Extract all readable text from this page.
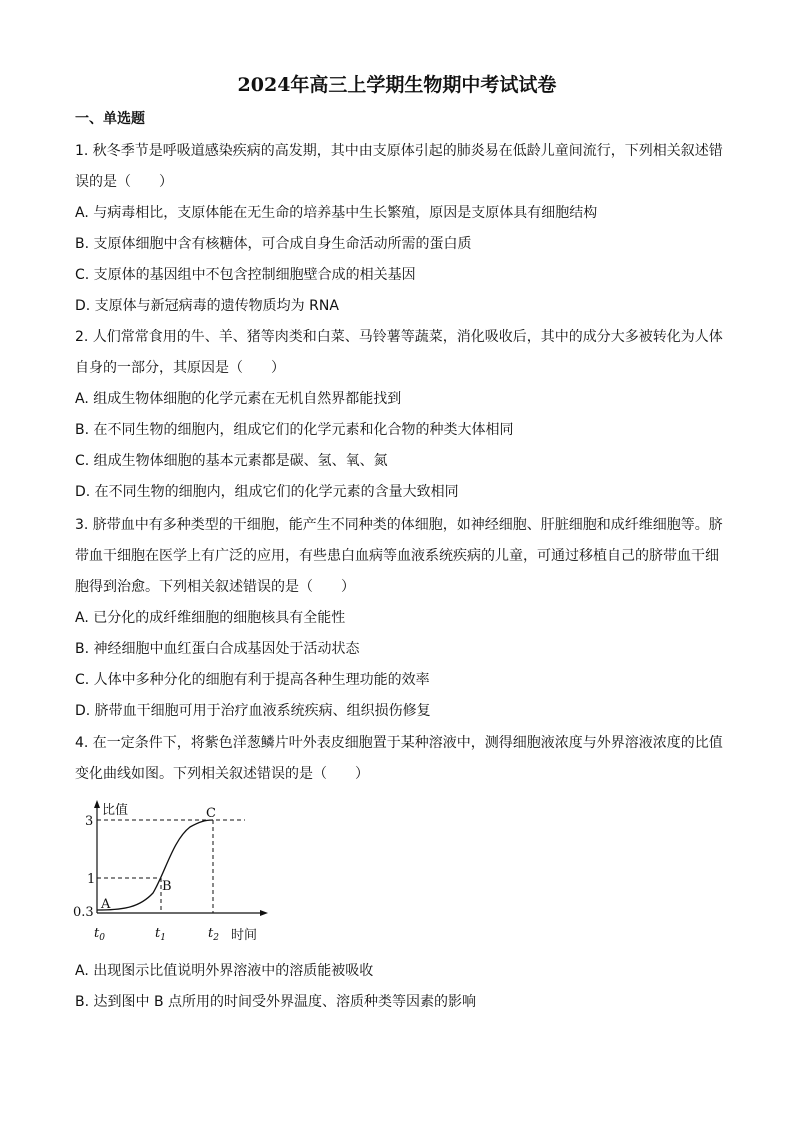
2024年高三上学期生物期中考试试卷
一、单选题
1. 秋冬季节是呼吸道感染疾病的高发期，其中由支原体引起的肺炎易在低龄儿童间流行，下列相关叙述错
误的是（　　）
A. 与病毒相比，支原体能在无生命的培养基中生长繁殖，原因是支原体具有细胞结构
B. 支原体细胞中含有核糖体，可合成自身生命活动所需的蛋白质
C. 支原体的基因组中不包含控制细胞壁合成的相关基因
D. 支原体与新冠病毒的遗传物质均为 RNA
2. 人们常常食用的牛、羊、猪等肉类和白菜、马铃薯等蔬菜，消化吸收后，其中的成分大多被转化为人体
自身的一部分，其原因是（　　）
A. 组成生物体细胞的化学元素在无机自然界都能找到
B. 在不同生物的细胞内，组成它们的化学元素和化合物的种类大体相同
C. 组成生物体细胞的基本元素都是碳、氢、氧、氮
D. 在不同生物的细胞内，组成它们的化学元素的含量大致相同
3. 脐带血中有多种类型的干细胞，能产生不同种类的体细胞，如神经细胞、肝脏细胞和成纤维细胞等。脐
带血干细胞在医学上有广泛的应用，有些患白血病等血液系统疾病的儿童，可通过移植自己的脐带血干细
胞得到治愈。下列相关叙述错误的是（　　）
A. 已分化的成纤维细胞的细胞核具有全能性
B. 神经细胞中血红蛋白合成基因处于活动状态
C. 人体中多种分化的细胞有利于提高各种生理功能的效率
D. 脐带血干细胞可用于治疗血液系统疾病、组织损伤修复
4. 在一定条件下，将紫色洋葱鳞片叶外表皮细胞置于某种溶液中，测得细胞液浓度与外界溶液浓度的比值
变化曲线如图。下列相关叙述错误的是（　　）
比值
3
1
0.3
A
B
C
$t_0$	$t_1$	$t_2$ 时间
A. 出现图示比值说明外界溶液中的溶质能被吸收
B. 达到图中 B 点所用的时间受外界温度、溶质种类等因素的影响
